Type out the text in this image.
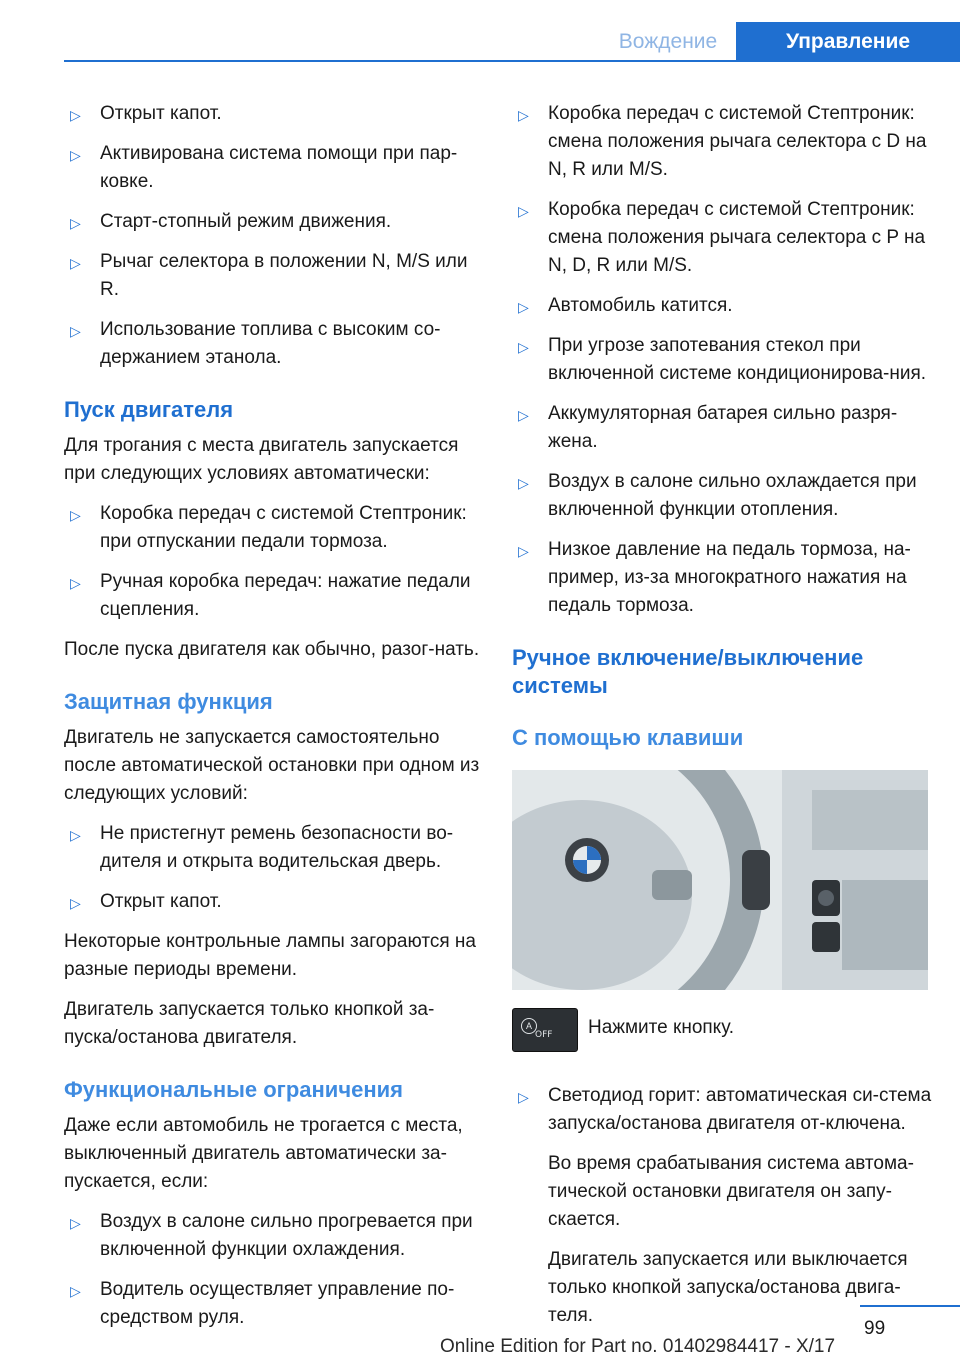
Вождение	Управление
▷ Открыт капот.
▷ Активирована система помощи при пар‐ковке.
▷ Старт-стопный режим движения.
▷ Рычаг селектора в положении N, M/S или R.
▷ Использование топлива с высоким со‐держанием этанола.
Пуск двигателя

Для трогания с места двигатель запускается при следующих условиях автоматически:

▷ Коробка передач с системой Стептроник: при отпускании педали тормоза.
▷ Ручная коробка передач: нажатие педали сцепления.

После пуска двигателя как обычно, разог‐нать.

Защитная функция

Двигатель не запускается самостоятельно после автоматической остановки при одном из следующих условий:

▷ Не пристегнут ремень безопасности во‐дителя и открыта водительская дверь.
▷ Открыт капот.

Некоторые контрольные лампы загораются на разные периоды времени.

Двигатель запускается только кнопкой за‐пуска/останова двигателя.

Функциональные ограничения

Даже если автомобиль не трогается с места, выключенный двигатель автоматически за‐пускается, если:

▷ Воздух в салоне сильно прогревается при включенной функции охлаждения.
▷ Водитель осуществляет управление по‐средством руля.
▷ Коробка передач с системой Стептроник: смена положения рычага селектора с D на N, R или M/S.
▷ Коробка передач с системой Стептроник: смена положения рычага селектора с P на N, D, R или M/S.
▷ Автомобиль катится.
▷ При угрозе запотевания стекол при включенной системе кондиционирова‐ния.
▷ Аккумуляторная батарея сильно разря‐жена.
▷ Воздух в салоне сильно охлаждается при включенной функции отопления.
▷ Низкое давление на педаль тормоза, на‐пример, из-за многократного нажатия на педаль тормоза.
Ручное включение/выключение системы
С помощью клавиши
A
OFF Нажмите кнопку.
▷ Светодиод горит: автоматическая си‐стема запуска/останова двигателя от‐ключена.

Во время срабатывания система автома‐тической остановки двигателя он запу‐скается.

Двигатель запускается или выключается только кнопкой запуска/останова двига‐теля.

99
Online Edition for Part no. 01402984417 - X/17
